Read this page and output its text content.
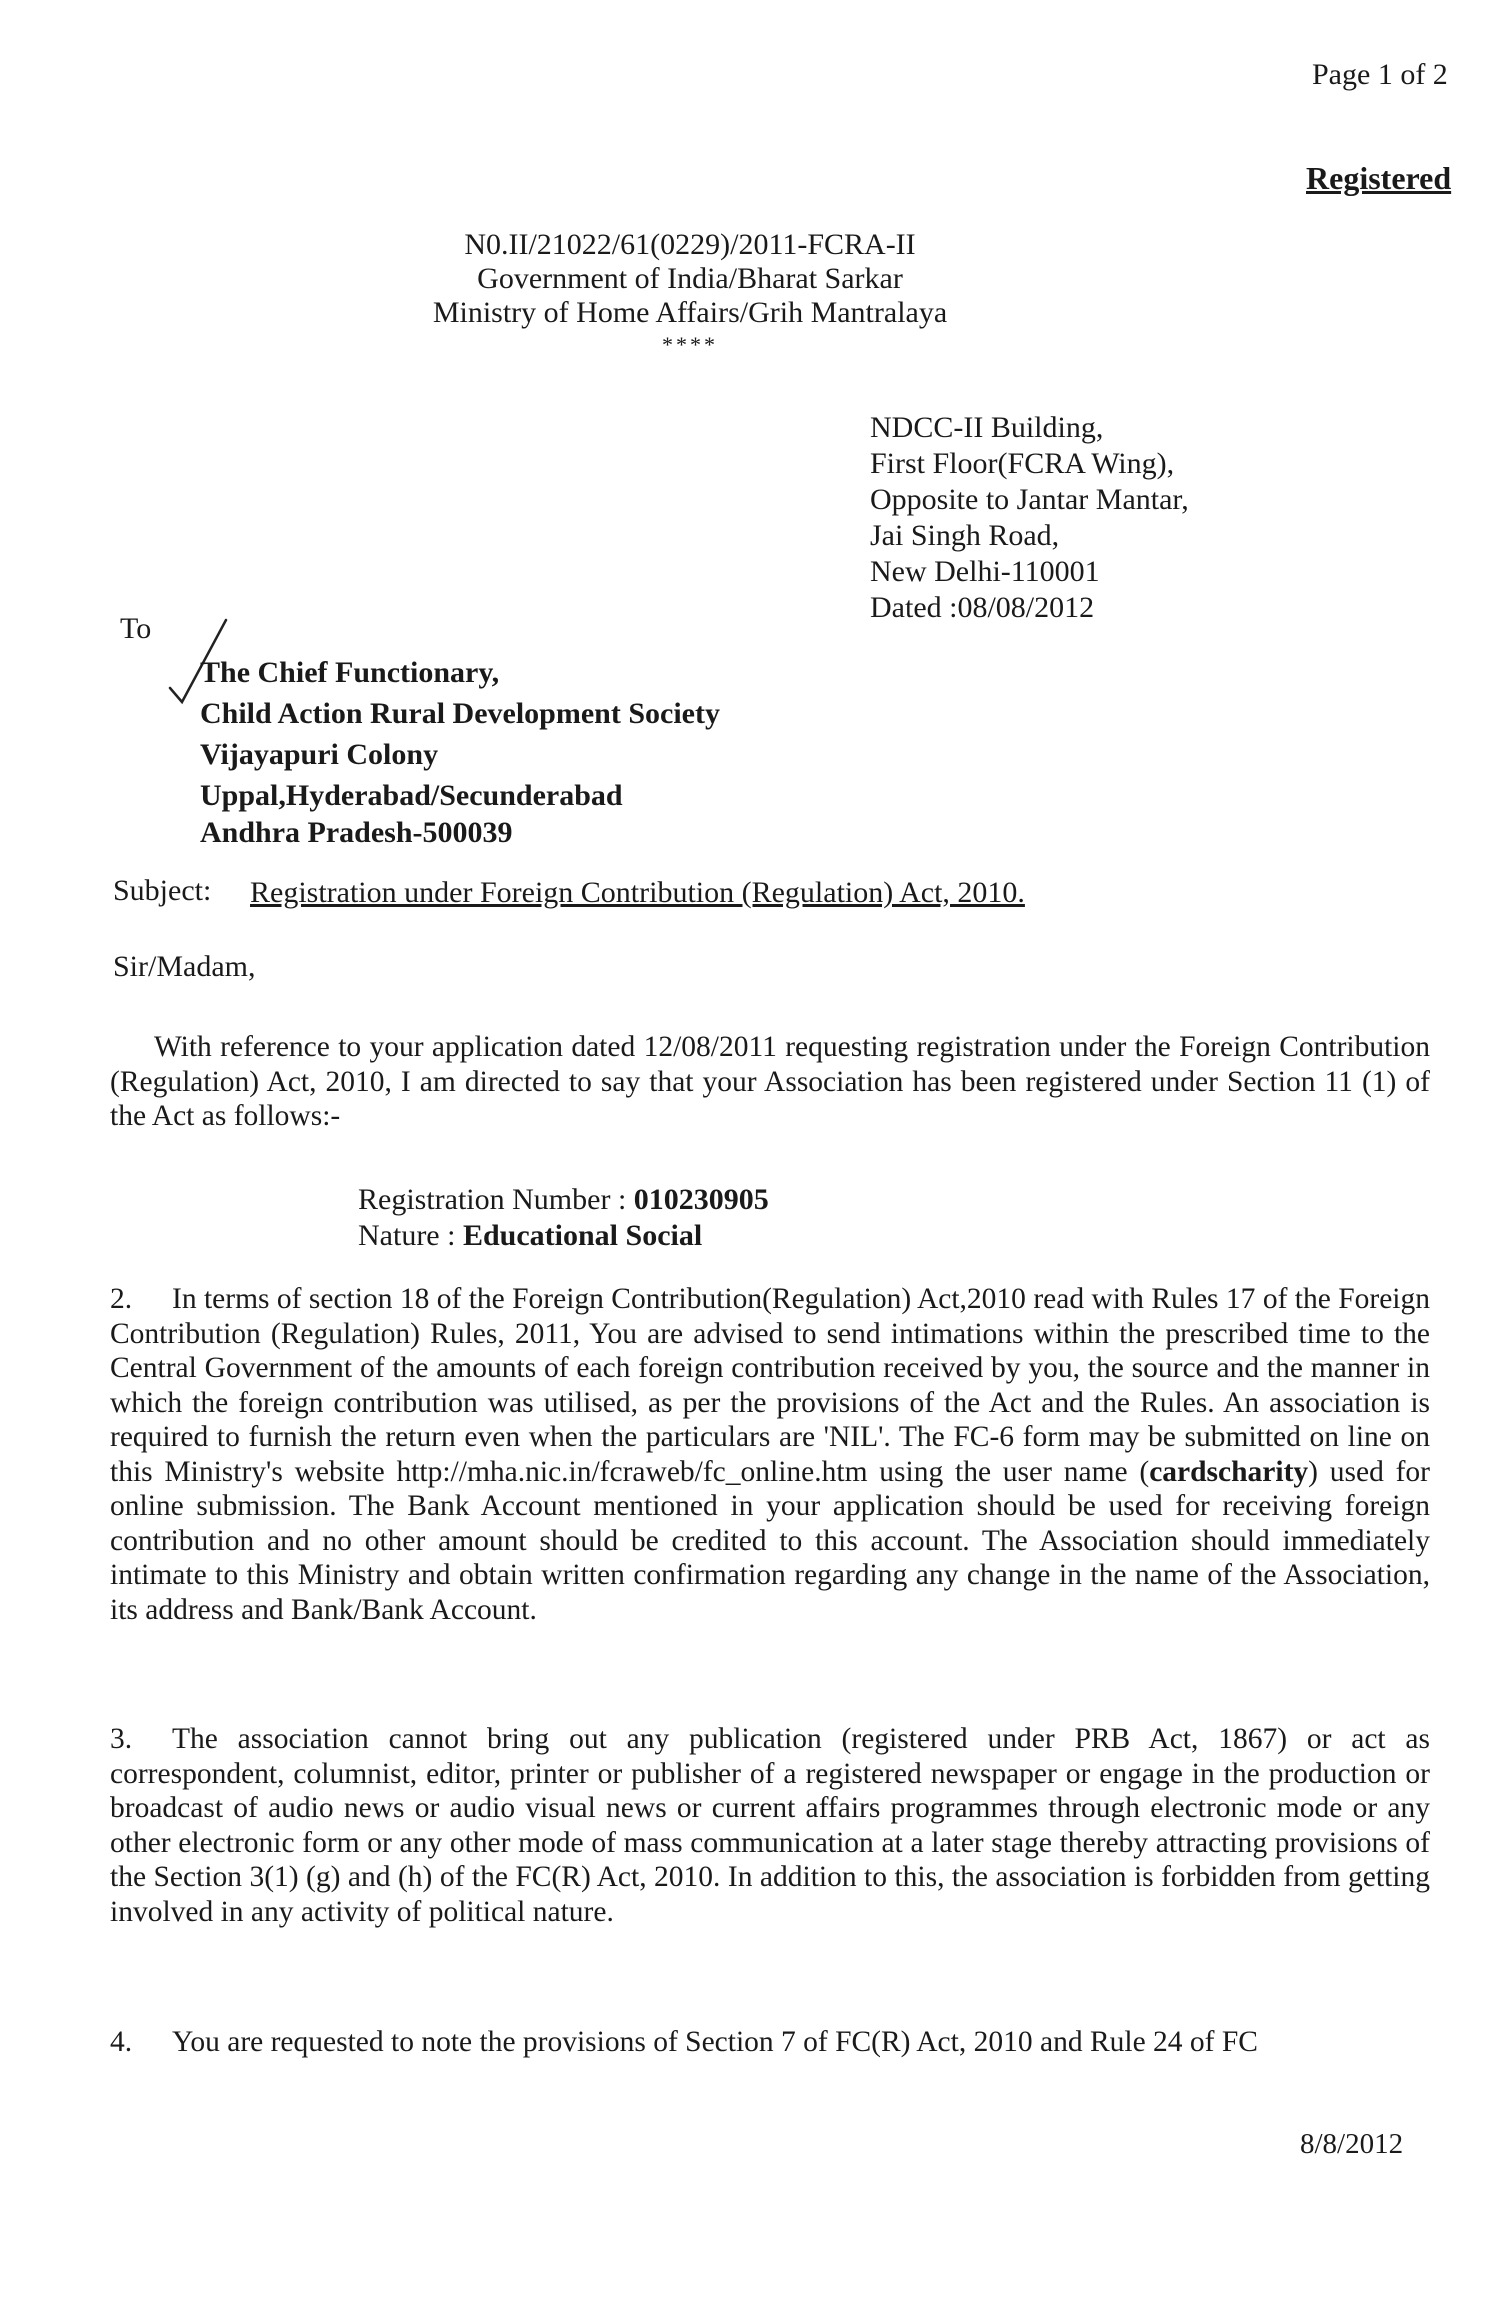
Page 1 of 2
Registered
N0.II/21022/61(0229)/2011-FCRA-II
Government of India/Bharat Sarkar
Ministry of Home Affairs/Grih Mantralaya
****
NDCC-II Building,
First Floor(FCRA Wing),
Opposite to Jantar Mantar,
Jai Singh Road,
New Delhi-110001
Dated :08/08/2012
To
The Chief Functionary,
Child Action Rural Development Society
Vijayapuri Colony
Uppal,Hyderabad/Secunderabad
Andhra Pradesh-500039
Subject: Registration under Foreign Contribution (Regulation) Act, 2010.
Sir/Madam,
With reference to your application dated 12/08/2011 requesting registration under the Foreign Contribution (Regulation) Act, 2010, I am directed to say that your Association has been registered under Section 11 (1) of the Act as follows:-
Registration Number : 010230905
Nature : Educational Social
2. In terms of section 18 of the Foreign Contribution(Regulation) Act,2010 read with Rules 17 of the Foreign Contribution (Regulation) Rules, 2011, You are advised to send intimations within the prescribed time to the Central Government of the amounts of each foreign contribution received by you, the source and the manner in which the foreign contribution was utilised, as per the provisions of the Act and the Rules. An association is required to furnish the return even when the particulars are 'NIL'. The FC-6 form may be submitted on line on this Ministry's website http://mha.nic.in/fcraweb/fc_online.htm using the user name (cardscharity) used for online submission. The Bank Account mentioned in your application should be used for receiving foreign contribution and no other amount should be credited to this account. The Association should immediately intimate to this Ministry and obtain written confirmation regarding any change in the name of the Association, its address and Bank/Bank Account.
3. The association cannot bring out any publication (registered under PRB Act, 1867) or act as correspondent, columnist, editor, printer or publisher of a registered newspaper or engage in the production or broadcast of audio news or audio visual news or current affairs programmes through electronic mode or any other electronic form or any other mode of mass communication at a later stage thereby attracting provisions of the Section 3(1) (g) and (h) of the FC(R) Act, 2010. In addition to this, the association is forbidden from getting involved in any activity of political nature.
4. You are requested to note the provisions of Section 7 of FC(R) Act, 2010 and Rule 24 of FC
8/8/2012
